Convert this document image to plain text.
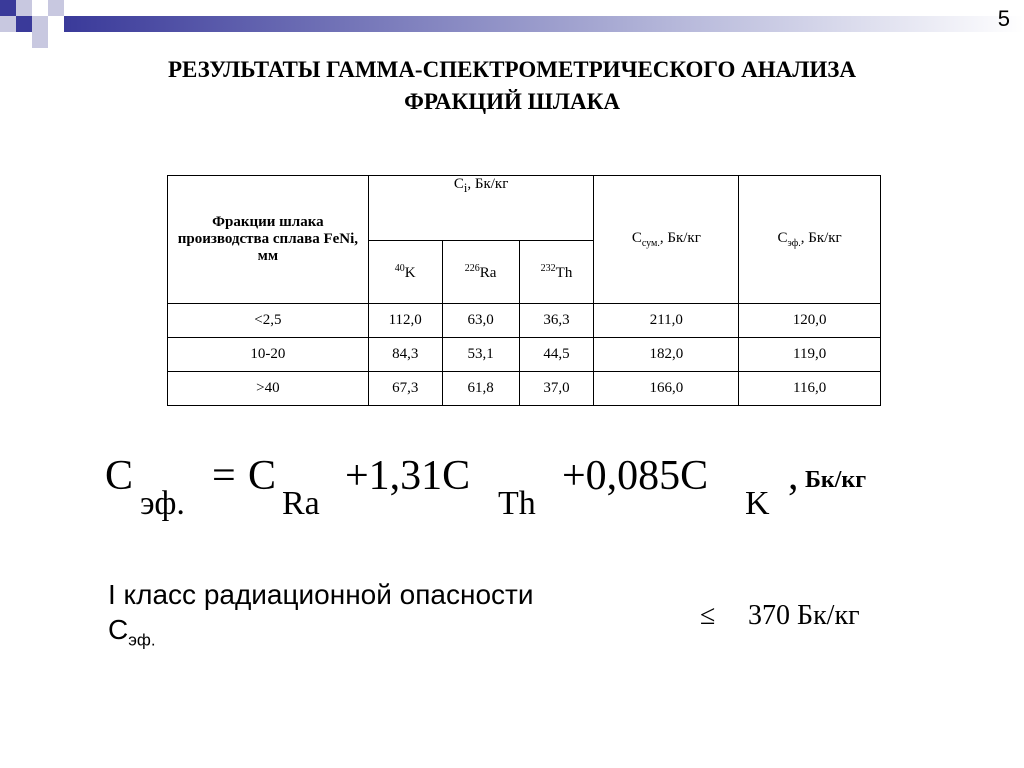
5
РЕЗУЛЬТАТЫ ГАММА-СПЕКТРОМЕТРИЧЕСКОГО АНАЛИЗА
ФРАКЦИЙ ШЛАКА
Фракции шлака производства сплава FeNi, мм	$C_i$, Бк/кг			$C_{сум.}$, Бк/кг	$C_{эф.}$, Бк/кг
	$^{40}$K	$^{226}$Ra	$^{232}$Th		
<2,5	112,0	63,0	36,3	211,0	120,0
10-20	84,3	53,1	44,5	182,0	119,0
>40	67,3	61,8	37,0	166,0	116,0
C
эф.
= C
Ra
+1,31C
Th
+0,085C
K
, Бк/кг
I класс радиационной опасности
$C_{эф.}$
≤ 370 Бк/кг
